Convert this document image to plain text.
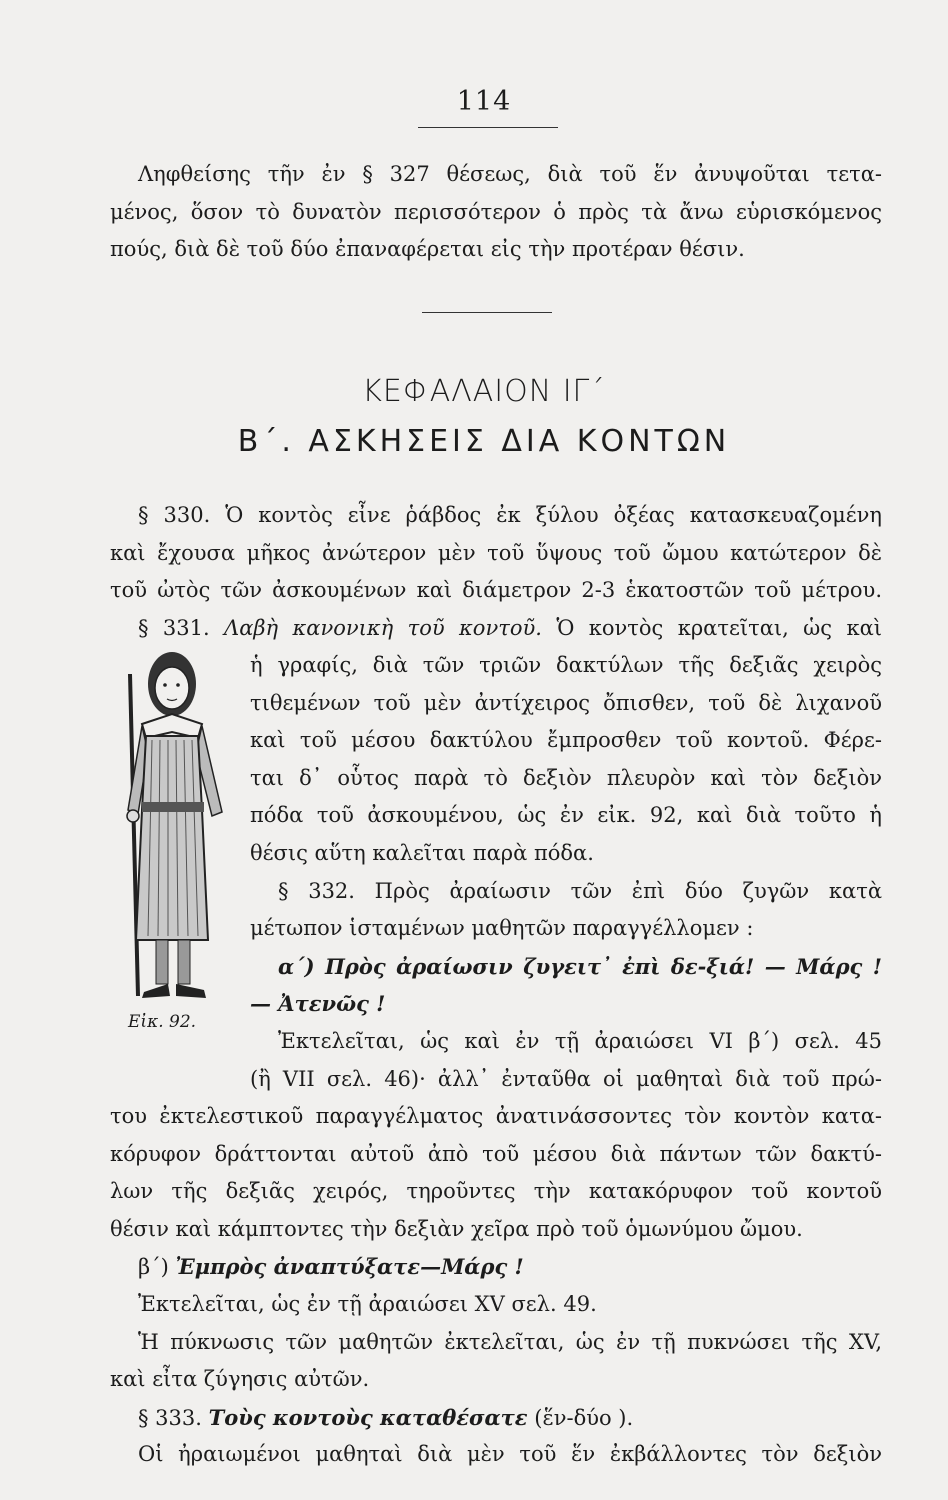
114
Ληφθείσης τῆν ἐν § 327 θέσεως, διὰ τοῦ ἕν ἀνυψοῦται τετα-
μένος, ὅσον τὸ δυνατὸν περισσότερον ὁ πρὸς τὰ ἄνω εὑρισκόμενος
πούς, διὰ δὲ τοῦ δύο ἐπαναφέρεται εἰς τὴν προτέραν θέσιν.
ΚΕΦΑΛΑΙΟΝ ΙΓ΄
Β΄. ΑΣΚΗΣΕΙΣ ΔΙΑ ΚΟΝΤΩΝ
§ 330. Ὁ κοντὸς εἶνε ῥάβδος ἐκ ξύλου ὀξέας κατασκευαζομένη
καὶ ἔχουσα μῆκος ἀνώτερον μὲν τοῦ ὕψους τοῦ ὤμου κατώτερον δὲ
τοῦ ὠτὸς τῶν ἀσκουμένων καὶ διάμετρον 2-3 ἑκατοστῶν τοῦ μέτρου.
§ 331. Λαβὴ κανονικὴ τοῦ κοντοῦ. Ὁ κοντὸς κρατεῖται, ὡς καὶ
Εἰκ. 92.
ἡ γραφίς, διὰ τῶν τριῶν δακτύλων τῆς δεξιᾶς χειρὸς
τιθεμένων τοῦ μὲν ἀντίχειρος ὄπισθεν, τοῦ δὲ λιχανοῦ
καὶ τοῦ μέσου δακτύλου ἔμπροσθεν τοῦ κοντοῦ. Φέρε-
ται δ᾽ οὗτος παρὰ τὸ δεξιὸν πλευρὸν καὶ τὸν δεξιὸν
πόδα τοῦ ἀσκουμένου, ὡς ἐν εἰκ. 92, καὶ διὰ τοῦτο ἡ
θέσις αὕτη καλεῖται παρὰ πόδα.
§ 332. Πρὸς ἀραίωσιν τῶν ἐπὶ δύο ζυγῶν κατὰ
μέτωπον ἱσταμένων μαθητῶν παραγγέλλομεν :
α΄) Πρὸς ἀραίωσιν ζυγειτ᾽ ἐπὶ δε-ξιά! — Μάρς !
— Ἀτενῶς !
Ἐκτελεῖται, ὡς καὶ ἐν τῇ ἀραιώσει VI β΄) σελ. 45
(ἢ VII σελ. 46)· ἀλλ᾽ ἐνταῦθα οἱ μαθηταὶ διὰ τοῦ πρώ-
του ἐκτελεστικοῦ παραγγέλματος ἀνατινάσσοντες τὸν κοντὸν κατα-
κόρυφον δράττονται αὐτοῦ ἀπὸ τοῦ μέσου διὰ πάντων τῶν δακτύ-
λων τῆς δεξιᾶς χειρός, τηροῦντες τὴν κατακόρυφον τοῦ κοντοῦ
θέσιν καὶ κάμπτοντες τὴν δεξιὰν χεῖρα πρὸ τοῦ ὁμωνύμου ὤμου.
β΄) Ἐμπρὸς ἀναπτύξατε—Μάρς !
Ἐκτελεῖται, ὡς ἐν τῇ ἀραιώσει XV σελ. 49.
Ἡ πύκνωσις τῶν μαθητῶν ἐκτελεῖται, ὡς ἐν τῇ πυκνώσει τῆς XV,
καὶ εἶτα ζύγησις αὐτῶν.
§ 333. Τοὺς κοντοὺς καταθέσατε (ἕν-δύο ).
Οἱ ἠραιωμένοι μαθηταὶ διὰ μὲν τοῦ ἕν ἐκβάλλοντες τὸν δεξιὸν
